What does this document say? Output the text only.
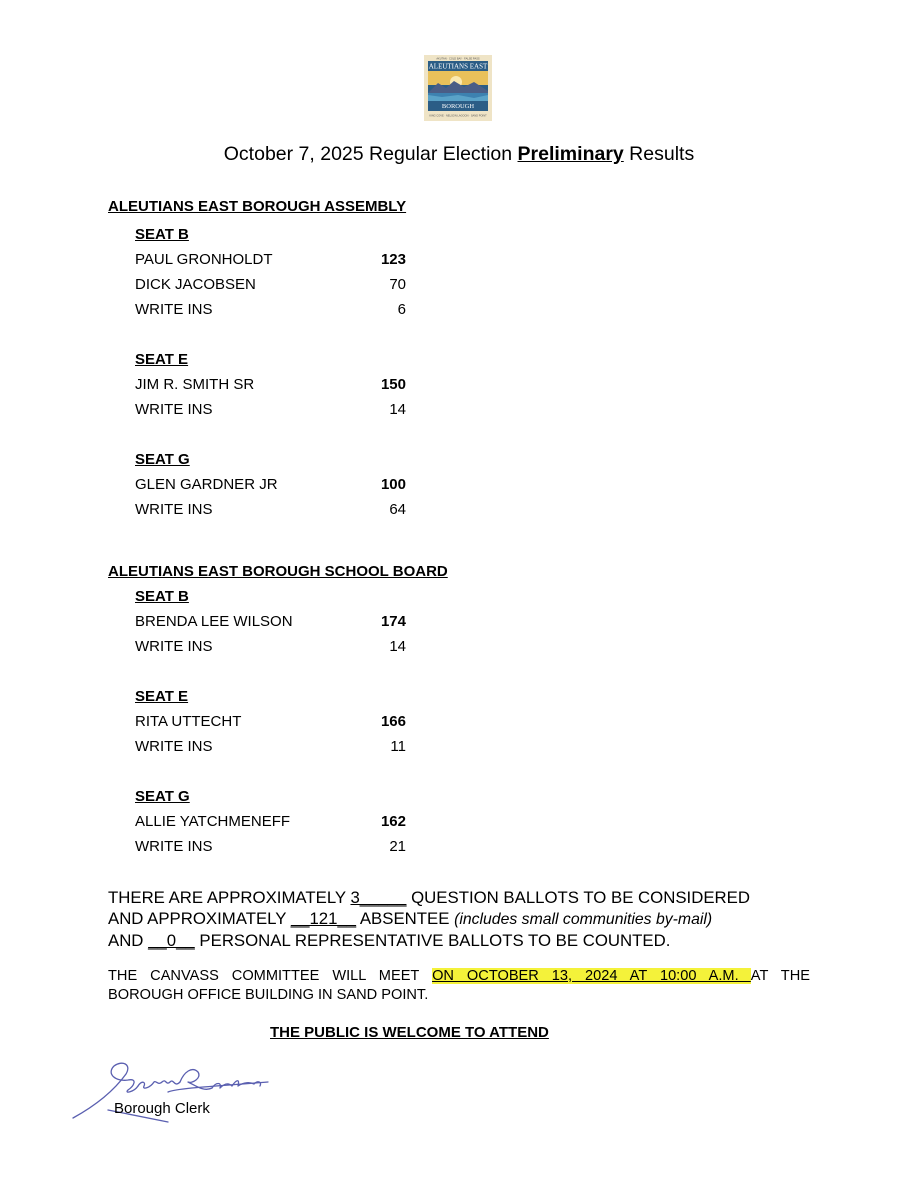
AKUTAN · COLD BAY · FALSE PASS
ALEUTIANS EAST
BOROUGH
KING COVE · NELSON LAGOON · SAND POINT
October 7, 2025 Regular Election Preliminary Results
ALEUTIANS EAST BOROUGH ASSEMBLY
SEAT B
PAUL GRONHOLDT	123
DICK JACOBSEN	70
WRITE INS	6
SEAT E
JIM R. SMITH SR	150
WRITE INS	14
SEAT G
GLEN GARDNER JR	100
WRITE INS	64
ALEUTIANS EAST BOROUGH SCHOOL BOARD
SEAT B
BRENDA LEE WILSON	174
WRITE INS	14
SEAT E
RITA UTTECHT	166
WRITE INS	11
SEAT G
ALLIE YATCHMENEFF	162
WRITE INS	21
THERE ARE APPROXIMATELY 3_____ QUESTION BALLOTS TO BE CONSIDERED
AND APPROXIMATELY __121__ ABSENTEE (includes small communities by-mail)
AND __0__ PERSONAL REPRESENTATIVE BALLOTS TO BE COUNTED.
THE CANVASS COMMITTEE WILL MEET ON OCTOBER 13, 2024 AT 10:00 A.M. AT THE
BOROUGH OFFICE BUILDING IN SAND POINT.
THE PUBLIC IS WELCOME TO ATTEND
Borough Clerk
